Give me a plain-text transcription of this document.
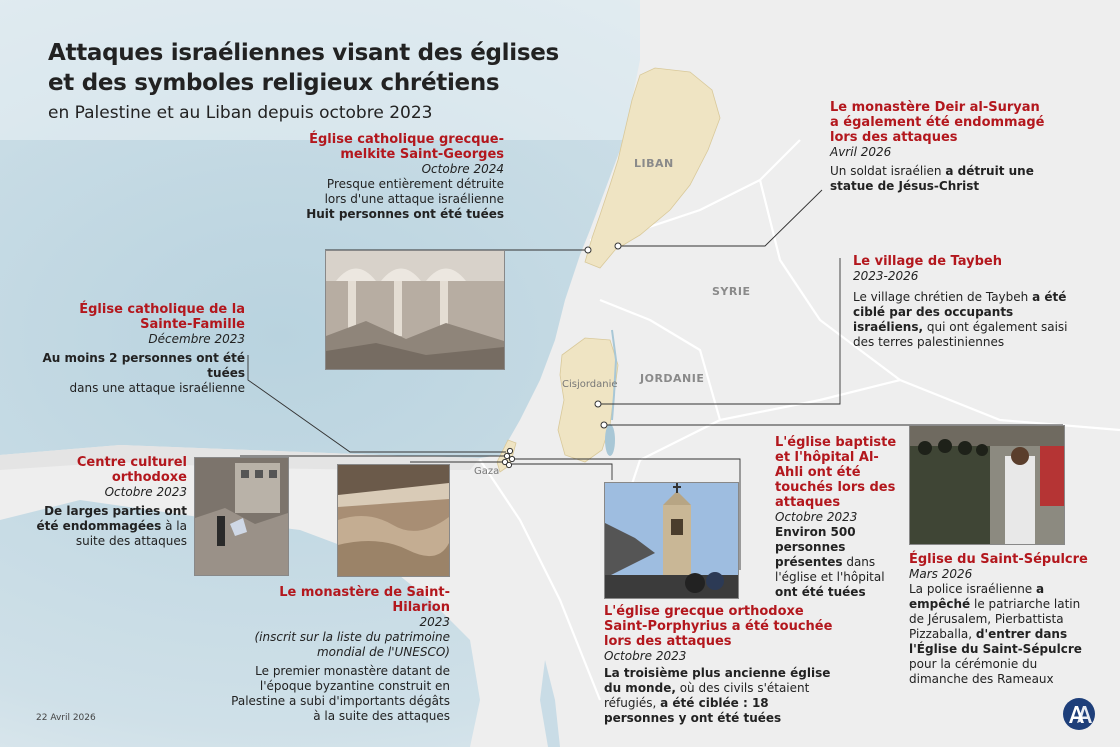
LIBAN
SYRIE
JORDANIE
Cisjordanie
Gaza
Attaques israéliennes visant des églises et des symboles religieux chrétiens
en Palestine et au Liban depuis octobre 2023
Église catholique grecque-melkite Saint-Georges
Octobre 2024
Presque entièrement détruite lors d'une attaque israélienne
Huit personnes ont été tuées
Le monastère Deir al-Suryan a également été endommagé lors des attaques
Avril 2026
Un soldat israélien a détruit une statue de Jésus-Christ
Le village de Taybeh
2023-2026
Le village chrétien de Taybeh a été ciblé par des occupants israéliens, qui ont également saisi des terres palestiniennes
Église catholique de la Sainte-Famille
Décembre 2023
Au moins 2 personnes ont été tuées
dans une attaque israélienne
Centre culturel orthodoxe
Octobre 2023
De larges parties ont été endommagées à la suite des attaques
Le monastère de Saint-Hilarion
2023
(inscrit sur la liste du patrimoine mondial de l'UNESCO)
Le premier monastère datant de l'époque byzantine construit en Palestine a subi d'importants dégâts à la suite des attaques
L'église baptiste et l'hôpital Al-Ahli ont été touchés lors des attaques
Octobre 2023
Environ 500 personnes présentes dans l'église et l'hôpital ont été tuées
L'église grecque orthodoxe Saint-Porphyrius a été touchée lors des attaques
Octobre 2023
La troisième plus ancienne église du monde, où des civils s'étaient réfugiés, a été ciblée : 18 personnes y ont été tuées
Église du Saint-Sépulcre
Mars 2026
La police israélienne a empêché le patriarche latin de Jérusalem, Pierbattista Pizzaballa, d'entrer dans l'Église du Saint-Sépulcre pour la cérémonie du dimanche des Rameaux
22 Avril 2026
